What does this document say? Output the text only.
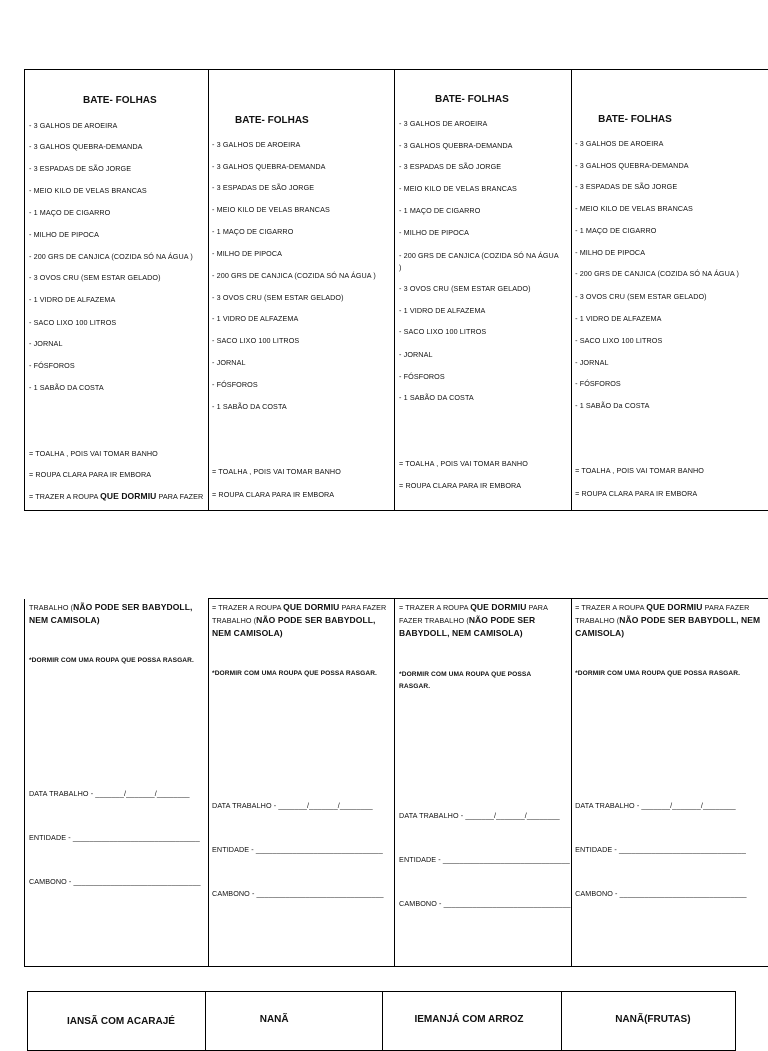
BATE- FOLHAS
- 3 GALHOS DE AROEIRA
- 3 GALHOS QUEBRA-DEMANDA
- 3 ESPADAS DE SÃO JORGE
- MEIO KILO DE VELAS BRANCAS
- 1 MAÇO DE CIGARRO
- MILHO DE PIPOCA
- 200 GRS DE CANJICA (COZIDA SÓ NA ÁGUA )
- 3 OVOS CRU (SEM ESTAR GELADO)
- 1 VIDRO DE ALFAZEMA
- SACO LIXO 100 LITROS
- JORNAL
- FÓSFOROS
- 1 SABÃO DA COSTA
= TOALHA , POIS VAI TOMAR BANHO
= ROUPA CLARA PARA IR EMBORA
= TRAZER A ROUPA QUE DORMIU PARA FAZER

BATE- FOLHAS
- 3 GALHOS DE AROEIRA
- 3 GALHOS QUEBRA-DEMANDA
- 3 ESPADAS DE SÃO JORGE
- MEIO KILO DE VELAS BRANCAS
- 1 MAÇO DE CIGARRO
- MILHO DE PIPOCA
- 200 GRS DE CANJICA (COZIDA SÓ NA ÁGUA )
- 3 OVOS CRU (SEM ESTAR GELADO)
- 1 VIDRO DE ALFAZEMA
- SACO LIXO 100 LITROS
- JORNAL
- FÓSFOROS
- 1 SABÃO DA COSTA
= TOALHA , POIS VAI TOMAR BANHO
= ROUPA CLARA PARA IR EMBORA

BATE- FOLHAS
- 3 GALHOS DE AROEIRA
- 3 GALHOS QUEBRA-DEMANDA
- 3 ESPADAS DE SÃO JORGE
- MEIO KILO DE VELAS BRANCAS
- 1 MAÇO DE CIGARRO
- MILHO DE PIPOCA
- 200 GRS DE CANJICA (COZIDA SÓ NA ÁGUA )
- 3 OVOS CRU (SEM ESTAR GELADO)
- 1 VIDRO DE ALFAZEMA
- SACO LIXO 100 LITROS
- JORNAL
- FÓSFOROS
- 1 SABÃO DA COSTA
= TOALHA , POIS VAI TOMAR BANHO
= ROUPA CLARA PARA IR EMBORA

BATE- FOLHAS
- 3 GALHOS DE AROEIRA
- 3 GALHOS QUEBRA-DEMANDA
- 3 ESPADAS DE SÃO JORGE
- MEIO KILO DE VELAS BRANCAS
- 1 MAÇO DE CIGARRO
- MILHO DE PIPOCA
- 200 GRS DE CANJICA (COZIDA SÓ NA ÁGUA )
- 3 OVOS CRU (SEM ESTAR GELADO)
- 1 VIDRO DE ALFAZEMA
- SACO LIXO 100 LITROS
- JORNAL
- FÓSFOROS
- 1 SABÃO Da COSTA
= TOALHA , POIS VAI TOMAR BANHO
= ROUPA CLARA PARA IR EMBORA
TRABALHO (NÃO PODE SER BABYDOLL, NEM CAMISOLA)
*DORMIR COM UMA ROUPA QUE POSSA RASGAR.
DATA TRABALHO - _______/_______/________
ENTIDADE - _______________________________
CAMBONO - _______________________________

= TRAZER A ROUPA QUE DORMIU PARA FAZER TRABALHO (NÃO PODE SER BABYDOLL, NEM CAMISOLA)
*DORMIR COM UMA ROUPA QUE POSSA RASGAR.
DATA TRABALHO - _______/_______/________
ENTIDADE - _______________________________
CAMBONO - _______________________________

= TRAZER A ROUPA QUE DORMIU PARA FAZER TRABALHO (NÃO PODE SER BABYDOLL, NEM CAMISOLA)
*DORMIR COM UMA ROUPA QUE POSSA RASGAR.
DATA TRABALHO - _______/_______/________
ENTIDADE - _______________________________
CAMBONO - _______________________________

= TRAZER A ROUPA QUE DORMIU PARA FAZER TRABALHO (NÃO PODE SER BABYDOLL, NEM CAMISOLA)
*DORMIR COM UMA ROUPA QUE POSSA RASGAR.
DATA TRABALHO - _______/_______/________
ENTIDADE - _______________________________
CAMBONO - _______________________________
IANSÃ COM ACARAJÉ	NANÃ	IEMANJÁ COM ARROZ	NANÃ(FRUTAS)
